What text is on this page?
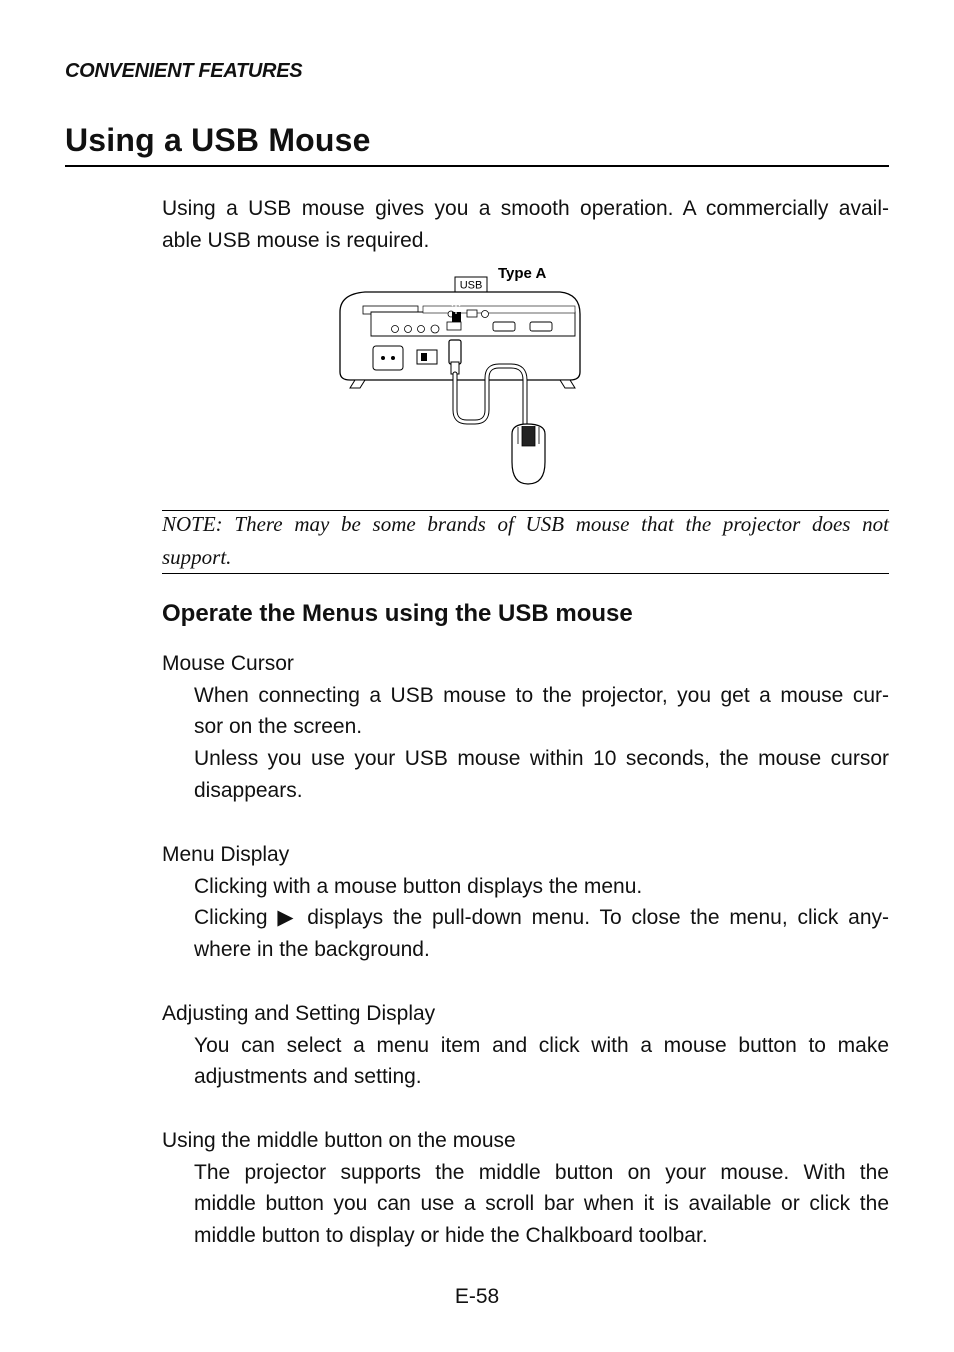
CONVENIENT FEATURES
Using a USB Mouse

Using a USB mouse gives you a smooth operation. A commercially avail-
able USB mouse is required.

USB
Type A

NOTE: There may be some brands of USB mouse that the projector does not
support.

Operate the Menus using the USB mouse
Mouse Cursor
When connecting a USB mouse to the projector, you get a mouse cur-
sor on the screen.
Unless you use your USB mouse within 10 seconds, the mouse cursor
disappears.
Menu Display
Clicking with a mouse button displays the menu.
Clicking ▶ displays the pull-down menu. To close the menu, click any-
where in the background.
Adjusting and Setting Display
You can select a menu item and click with a mouse button to make
adjustments and setting.
Using the middle button on the mouse
The projector supports the middle button on your mouse. With the
middle button you can use a scroll bar when it is available or click the
middle button to display or hide the Chalkboard toolbar.

E-58
